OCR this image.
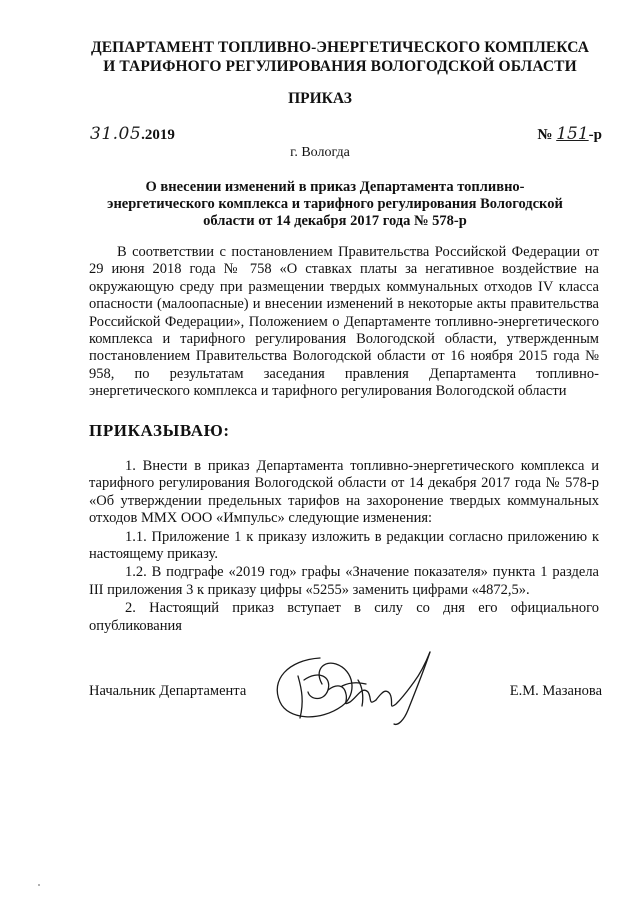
ДЕПАРТАМЕНТ ТОПЛИВНО-ЭНЕРГЕТИЧЕСКОГО КОМПЛЕКСА
И ТАРИФНОГО РЕГУЛИРОВАНИЯ ВОЛОГОДСКОЙ ОБЛАСТИ
ПРИКАЗ
31.05.2019	№ 151-р
г. Вологда
О внесении изменений в приказ Департамента топливно-
энергетического комплекса и тарифного регулирования Вологодской
области от 14 декабря 2017 года № 578-р

В соответствии с постановлением Правительства Российской Федерации от 29 июня 2018 года № 758 «О ставках платы за негативное воздействие на окружающую среду при размещении твердых коммунальных отходов IV класса опасности (малоопасные) и внесении изменений в некоторые акты правительства Российской Федерации», Положением о Департаменте топливно-энергетического комплекса и тарифного регулирования Вологодской области, утвержденным постановлением Правительства Вологодской области от 16 ноября 2015 года № 958, по результатам заседания правления Департамента топливно-энергетического комплекса и тарифного регулирования Вологодской области

ПРИКАЗЫВАЮ:

1. Внести в приказ Департамента топливно-энергетического комплекса и тарифного регулирования Вологодской области от 14 декабря 2017 года № 578-р «Об утверждении предельных тарифов на захоронение твердых коммунальных отходов ММХ ООО «Импульс» следующие изменения:

1.1. Приложение 1 к приказу изложить в редакции согласно приложению к настоящему приказу.

1.2. В подграфе «2019 год» графы «Значение показателя» пункта 1 раздела III приложения 3 к приказу цифры «5255» заменить цифрами «4872,5».

2. Настоящий приказ вступает в силу со дня его официального опубликования

Начальник Департамента	Е.М. Мазанова
